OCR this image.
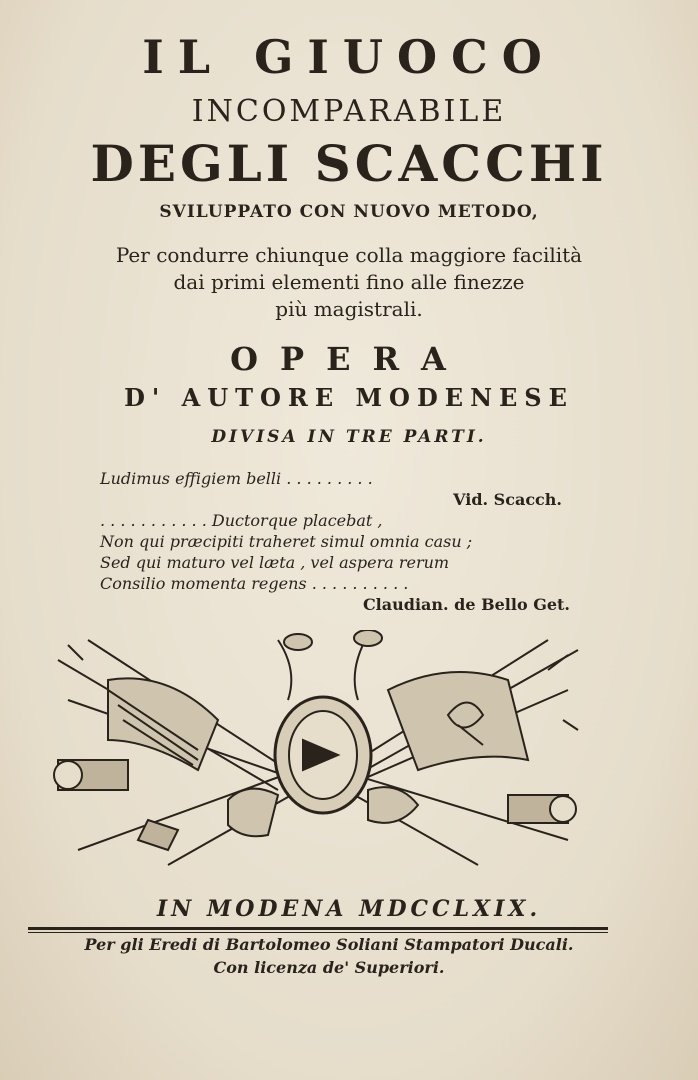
IL GIUOCO
INCOMPARABILE
DEGLI SCACCHI
SVILUPPATO CON NUOVO METODO,
Per condurre chiunque colla maggiore facilità
dai primi elementi fino alle finezze
più magistrali.
OPERA
D' AUTORE MODENESE
DIVISA IN TRE PARTI.
Ludimus effigiem belli . . . . . . . . .
Vid. Scacch.
. . . . . . . . . . . Ductorque placebat ,
Non qui præcipiti traheret simul omnia casu ;
Sed qui maturo vel læta , vel aspera rerum
Consilio momenta regens . . . . . . . . . .
Claudian. de Bello Get.
IN MODENA MDCCLXIX.
Per gli Eredi di Bartolomeo Soliani Stampatori Ducali.
Con licenza de' Superiori.
